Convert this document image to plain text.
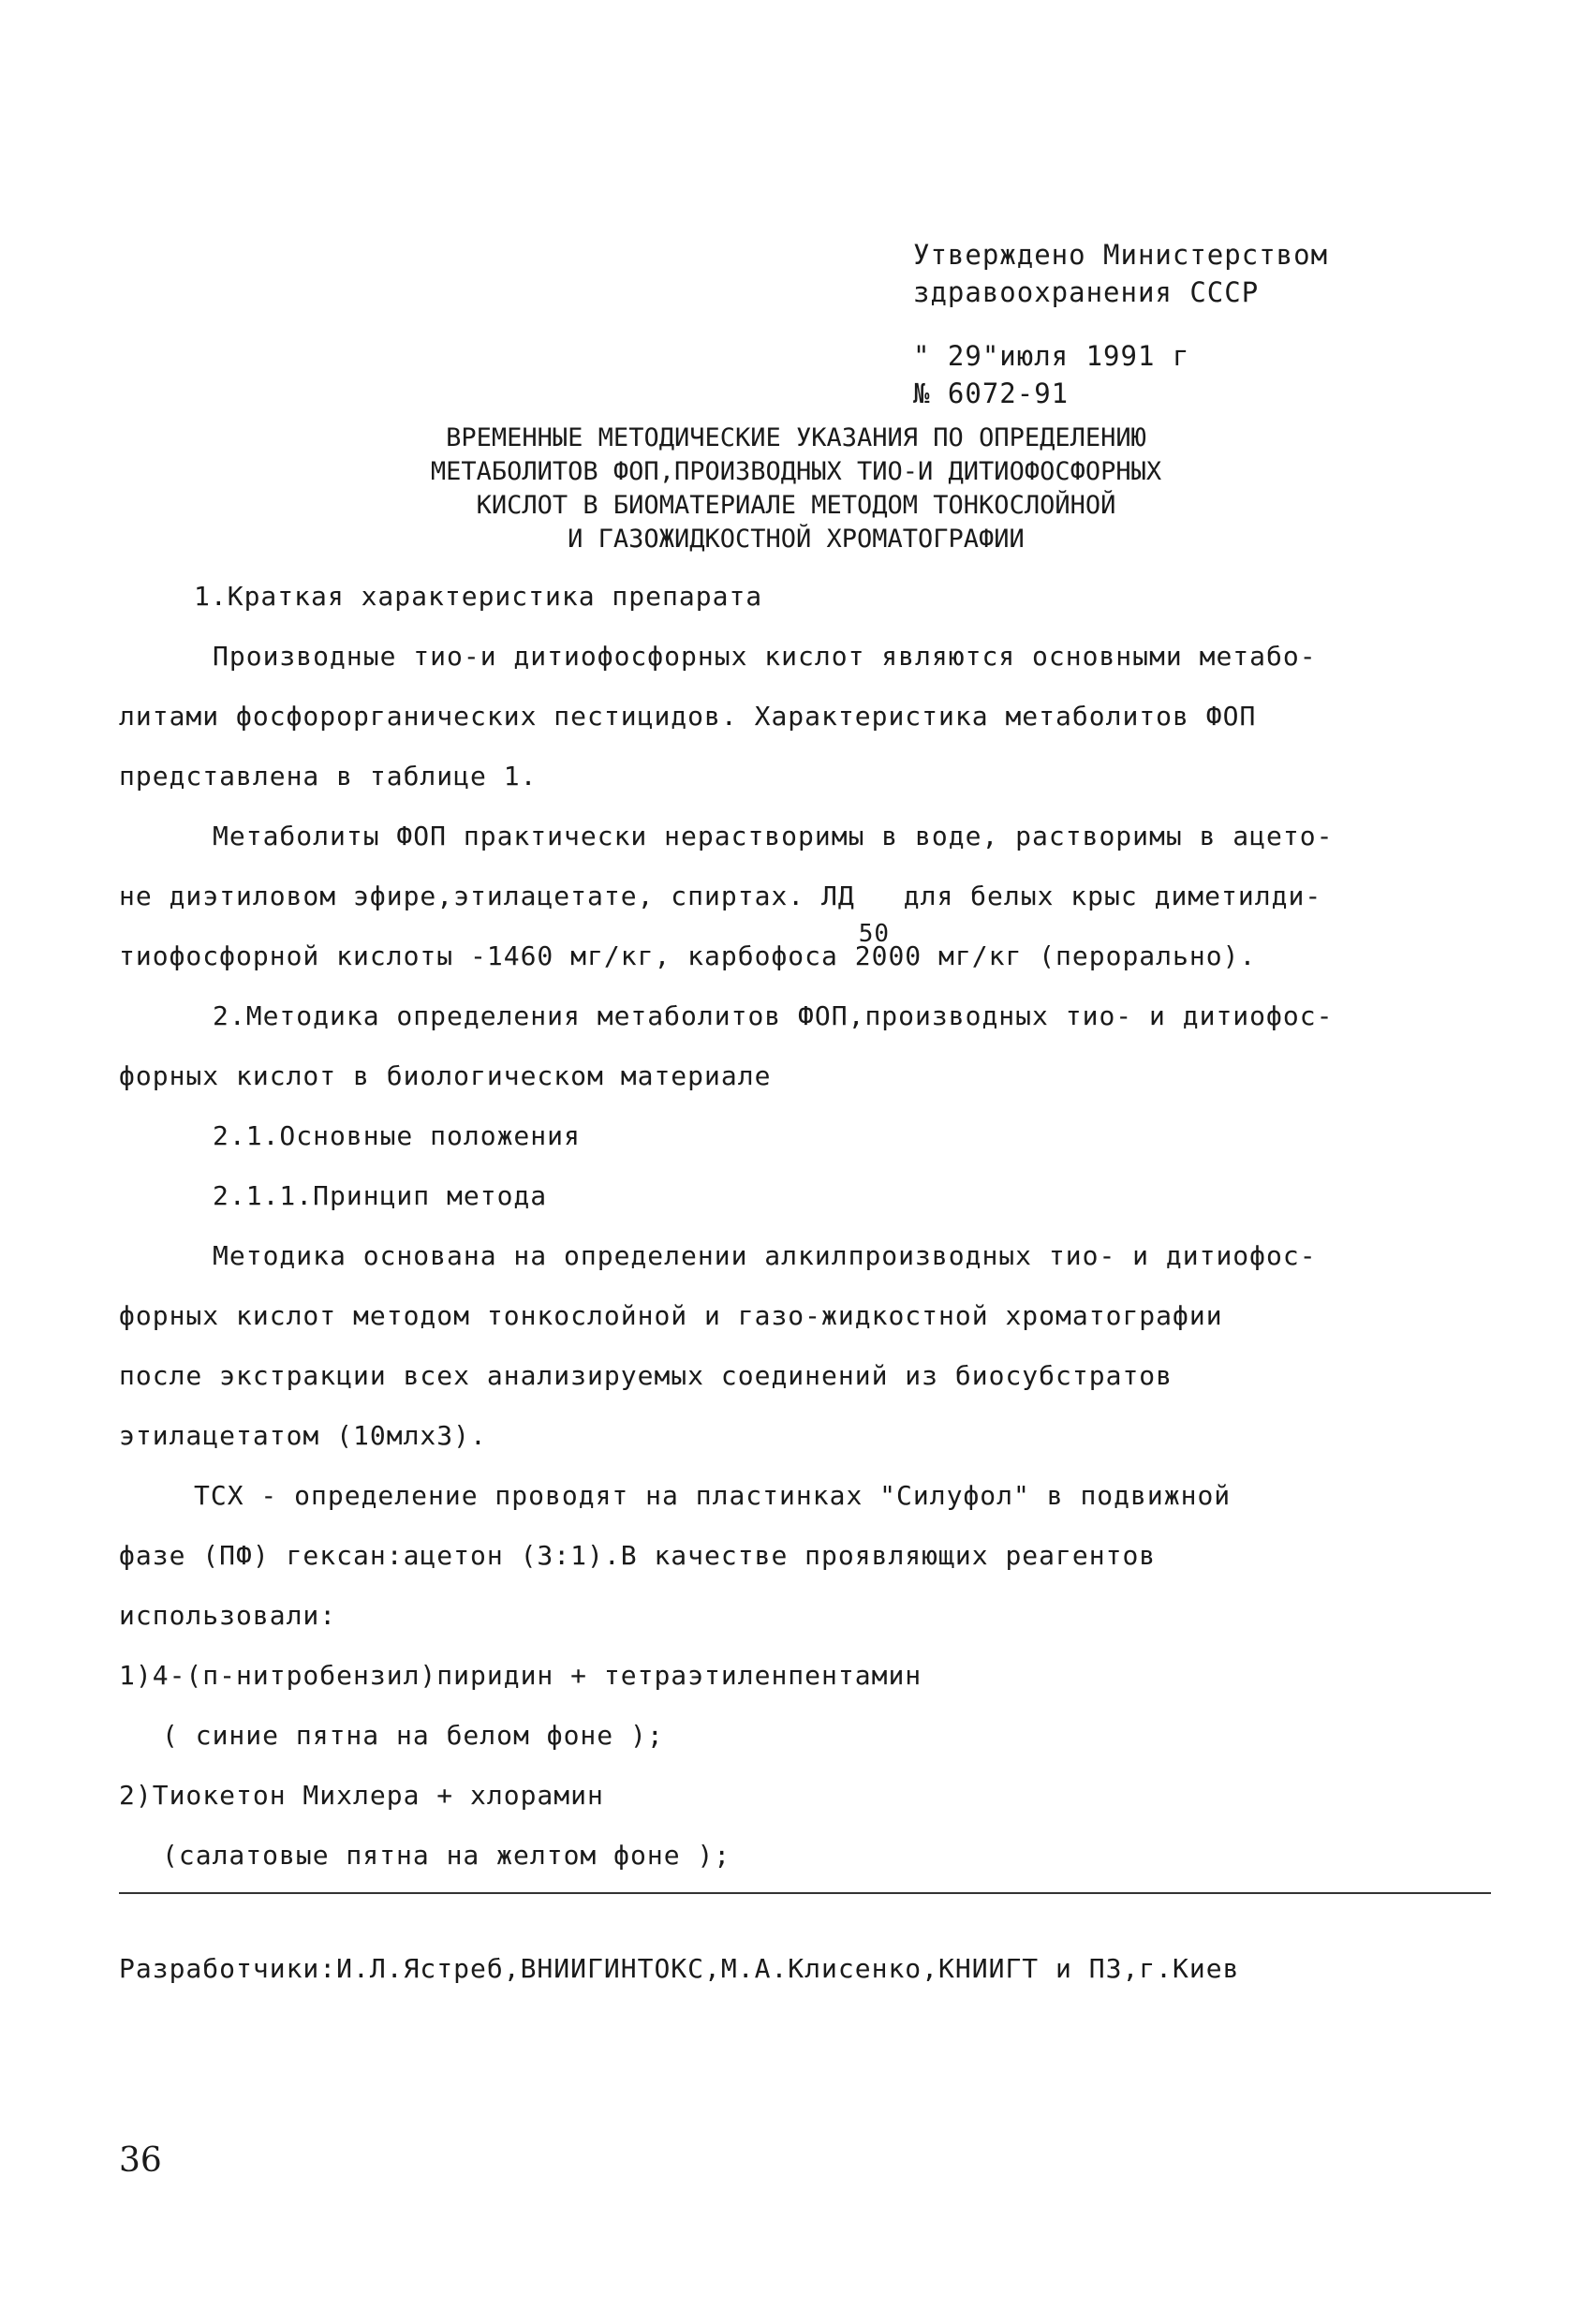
Утверждено Министерством
здравоохранения СССР
" 29"июля 1991 г
№ 6072-91
ВРЕМЕННЫЕ МЕТОДИЧЕСКИЕ УКАЗАНИЯ ПО ОПРЕДЕЛЕНИЮ
МЕТАБОЛИТОВ ФОП,ПРОИЗВОДНЫХ ТИО-И ДИТИОФОСФОРНЫХ
КИСЛОТ В БИОМАТЕРИАЛЕ МЕТОДОМ ТОНКОСЛОЙНОЙ
И ГАЗОЖИДКОСТНОЙ ХРОМАТОГРАФИИ
1.Краткая характеристика препарата
Производные тио-и дитиофосфорных кислот являются основными метабо-
литами фосфорорганических пестицидов. Характеристика метаболитов ФОП
представлена в таблице 1.
Метаболиты ФОП практически нерастворимы в воде, растворимы в ацето-
не диэтиловом эфире,этилацетате, спиртах. ЛД
50
для белых крыс диметилди-
тиофосфорной кислоты -1460 мг/кг, карбофоса 2000 мг/кг (перорально).
2.Методика определения метаболитов ФОП,производных тио- и дитиофос-
форных кислот в биологическом материале
2.1.Основные положения
2.1.1.Принцип метода
Методика основана на определении алкилпроизводных тио- и дитиофос-
форных кислот методом тонкослойной и газо-жидкостной хроматографии
после экстракции всех анализируемых соединений из биосубстратов
этилацетатом (10млх3).
ТСХ - определение проводят на пластинках "Силуфол" в подвижной
фазе (ПФ) гексан:ацетон (3:1).В качестве проявляющих реагентов
использовали:
1)4-(п-нитробензил)пиридин + тетраэтиленпентамин
( синие пятна на белом фоне );
2)Тиокетон Михлера + хлорамин
(салатовые пятна на желтом фоне );
Разработчики:И.Л.Ястреб,ВНИИГИНТОКС,М.А.Клисенко,КНИИГТ и ПЗ,г.Киев
36
